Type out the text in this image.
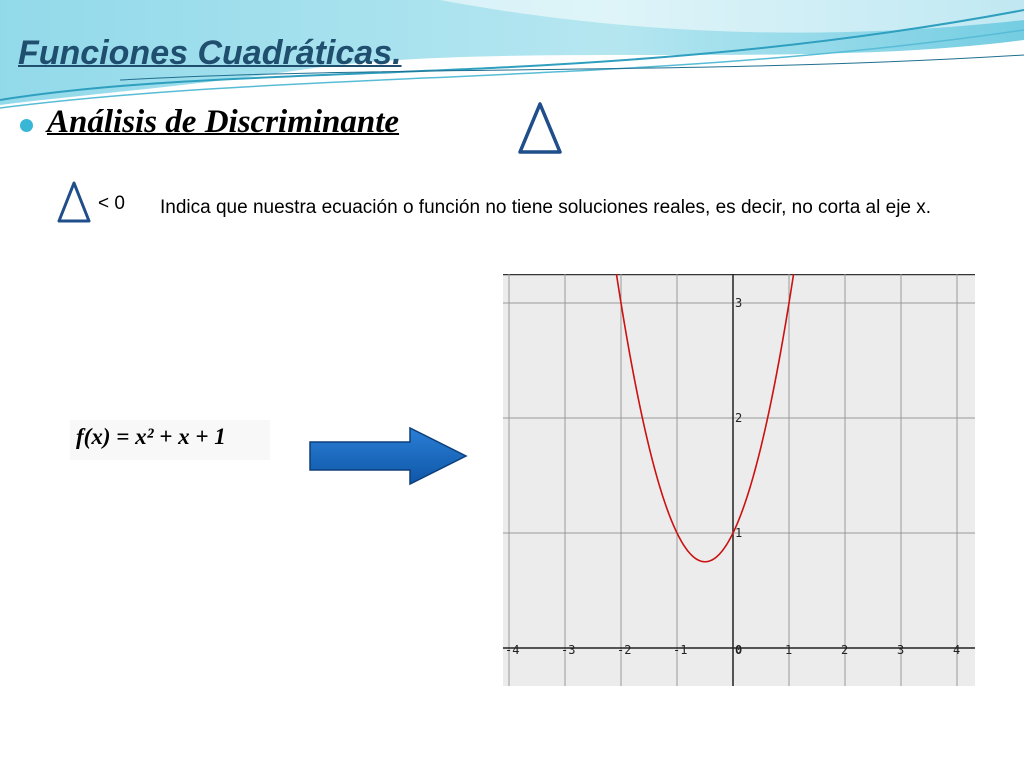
Funciones Cuadráticas.
Análisis de Discriminante
< 0 Indica que nuestra ecuación o función no tiene soluciones reales, es decir, no corta al eje x.
f(x) = x² + x + 1
-4	-3	-2	-1	0	1	2	3	4
1
2
3
